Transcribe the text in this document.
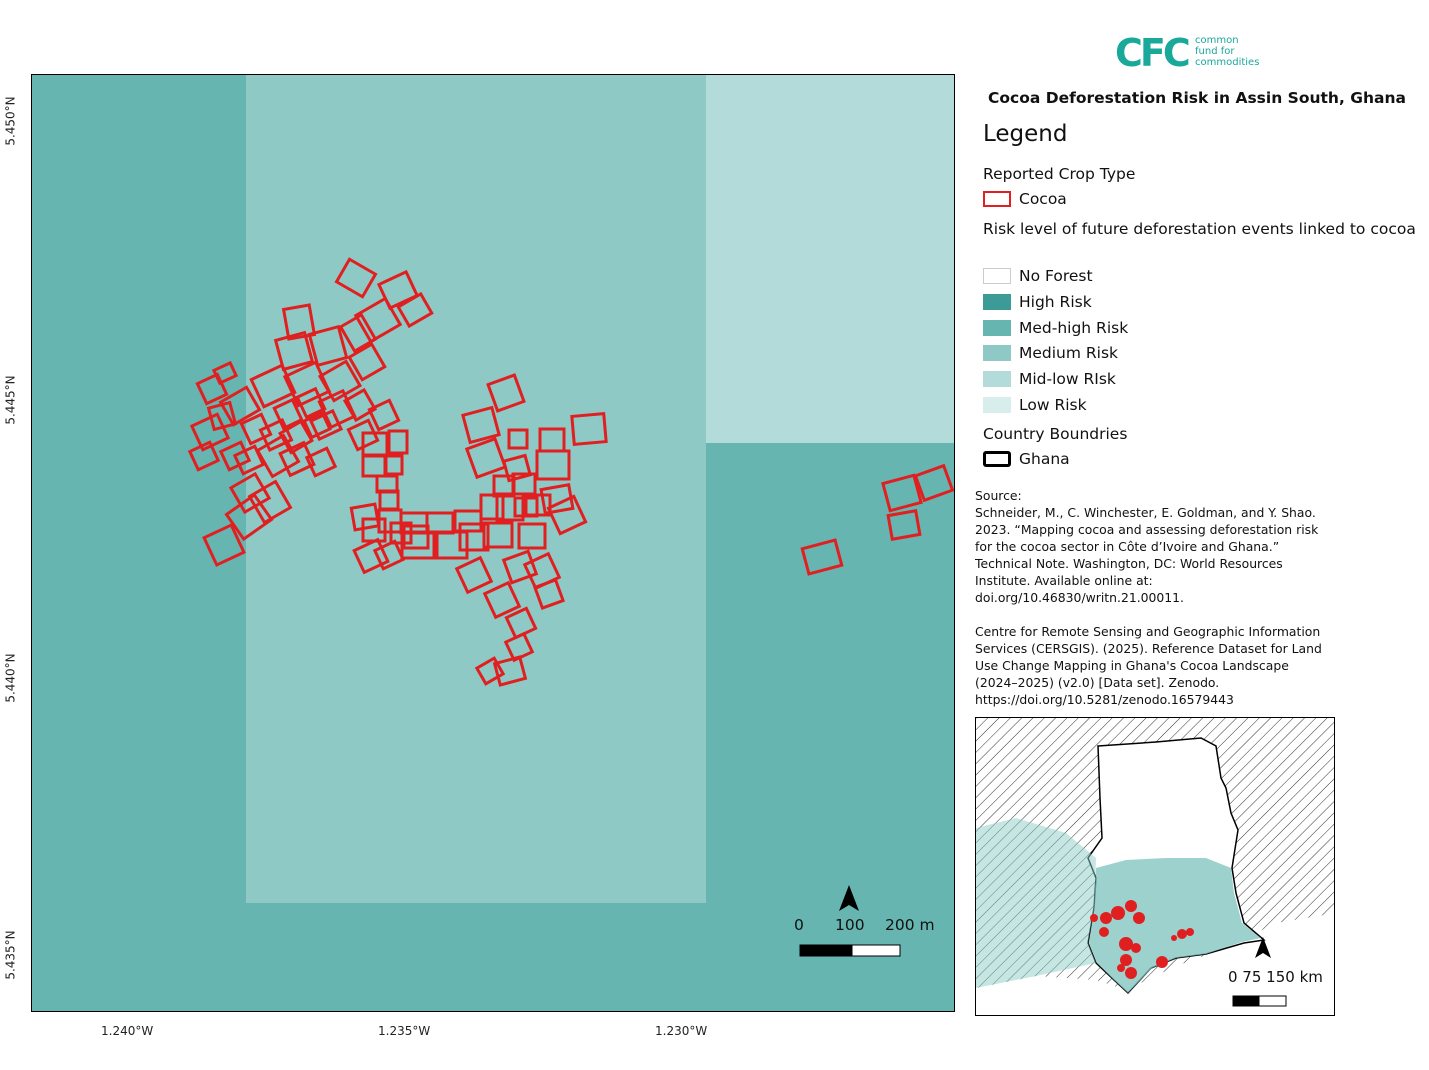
5.450°N
5.445°N
5.440°N
5.435°N
1.240°W	1.235°W	1.230°W
0 100 200 m
CFC common
fund for
commodities
Cocoa Deforestation Risk in Assin South, Ghana
Legend
Reported Crop Type
Cocoa
Risk level of future deforestation events linked to cocoa
No Forest
High Risk
Med-high Risk
Medium Risk
Mid-low RIsk
Low Risk
Country Boundries
Ghana
Source:

Schneider, M., C. Winchester, E. Goldman, and Y. Shao. 2023. “Mapping cocoa and assessing deforestation risk for the cocoa sector in Côte d’Ivoire and Ghana.” Technical Note. Washington, DC: World Resources Institute. Available online at: doi.org/10.46830/writn.21.00011.

Centre for Remote Sensing and Geographic Information Services (CERSGIS). (2025). Reference Dataset for Land Use Change Mapping in Ghana's Cocoa Landscape (2024–2025) (v2.0) [Data set]. Zenodo. https://doi.org/10.5281/zenodo.16579443

0 75 150 km
